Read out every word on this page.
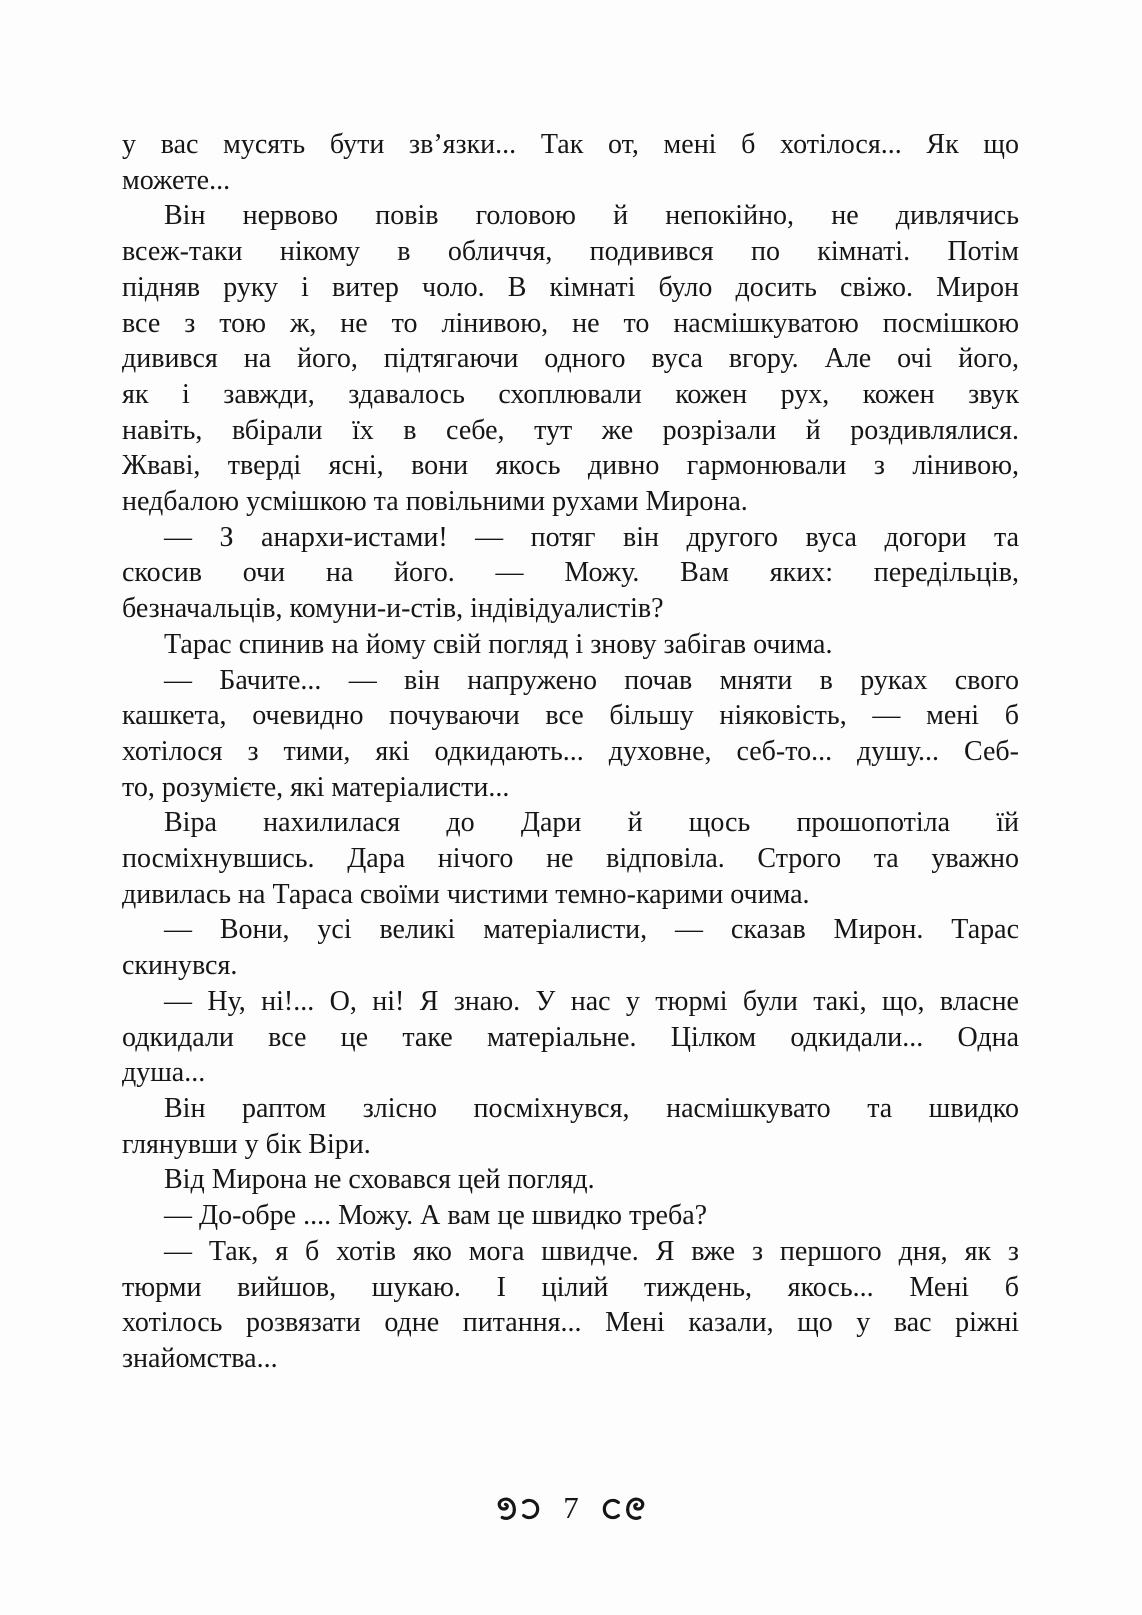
у вас мусять бути зв’язки... Так от, мені б хотілося... Як що
можете...
Він нервово повів головою й непокійно, не дивлячись
всеж-таки нікому в обличчя, подивився по кімнаті. Потім
підняв руку і витер чоло. В кімнаті було досить свіжо. Мирон
все з тою ж, не то лінивою, не то насмішкуватою посмішкою
дивився на його, підтягаючи одного вуса вгору. Але очі його,
як і завжди, здавалось схоплювали кожен рух, кожен звук
навіть, вбірали їх в себе, тут же розрізали й роздивлялися.
Жваві, тверді ясні, вони якось дивно гармонювали з лінивою,
недбалою усмішкою та повільними рухами Мирона.
— З анархи-истами! — потяг він другого вуса догори та
скосив очи на його. — Можу. Вам яких: передільців,
безначальців, комуни-и-стів, індівідуалистів?
Тарас спинив на йому свій погляд і знову забігав очима.
— Бачите... — він напружено почав мняти в руках свого
кашкета, очевидно почуваючи все більшу ніяковість, — мені б
хотілося з тими, які одкидають... духовне, себ-то... душу... Себ-
то, розумієте, які матеріалисти...
Віра нахилилася до Дари й щось прошопотіла їй
посміхнувшись. Дара нічого не відповіла. Строго та уважно
дивилась на Тараса своїми чистими темно-карими очима.
— Вони, усі великі матеріалисти, — сказав Мирон. Тарас
скинувся.
— Ну, ні!... О, ні! Я знаю. У нас у тюрмі були такі, що, власне
одкидали все це таке матеріальне. Цілком одкидали... Одна
душа...
Він раптом злісно посміхнувся, насмішкувато та швидко
глянувши у бік Віри.
Від Мирона не сховався цей погляд.
— До-обре .... Можу. А вам це швидко треба?
— Так, я б хотів яко мога швидче. Я вже з першого дня, як з
тюрми вийшов, шукаю. І цілий тиждень, якось... Мені б
хотілось розвязати одне питання... Мені казали, що у вас ріжні
знайомства...
7
